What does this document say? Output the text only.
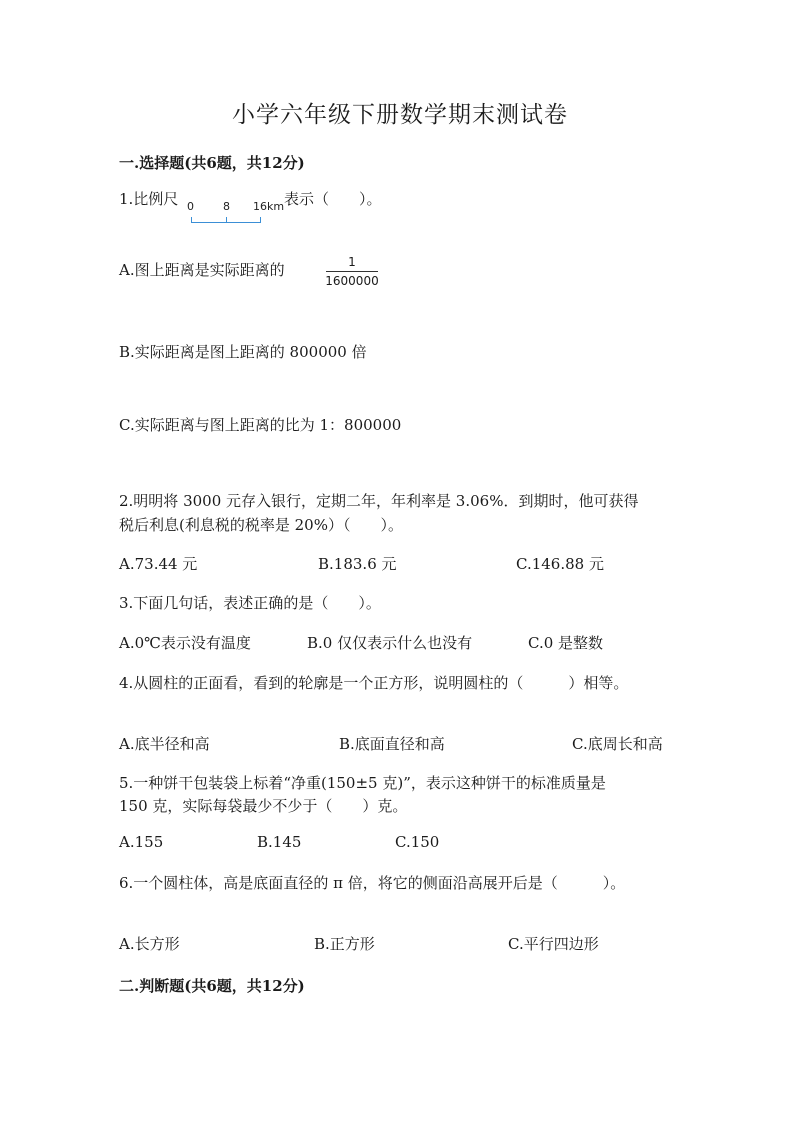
小学六年级下册数学期末测试卷
一.选择题(共6题，共12分)
1.比例尺 0	8 16km 表示（　　）。
A.图上距离是实际距离的	1
1600000
B.实际距离是图上距离的 800000 倍
C.实际距离与图上距离的比为 1：800000
2.明明将 3000 元存入银行，定期二年，年利率是 3.06%．到期时，他可获得
税后利息(利息税的税率是 20%）（　　）。
A.73.44 元	B.183.6 元	C.146.88 元
3.下面几句话，表述正确的是（　　）。
A.0℃表示没有温度	B.0 仅仅表示什么也没有	C.0 是整数
4.从圆柱的正面看，看到的轮廓是一个正方形，说明圆柱的（　　　）相等。
A.底半径和高	B.底面直径和高	C.底周长和高
5.一种饼干包装袋上标着“净重(150±5 克)”，表示这种饼干的标准质量是
150 克，实际每袋最少不少于（　　）克。
A.155	B.145	C.150
6.一个圆柱体，高是底面直径的 π 倍，将它的侧面沿高展开后是（　　　）。
A.长方形	B.正方形	C.平行四边形
二.判断题(共6题，共12分)
